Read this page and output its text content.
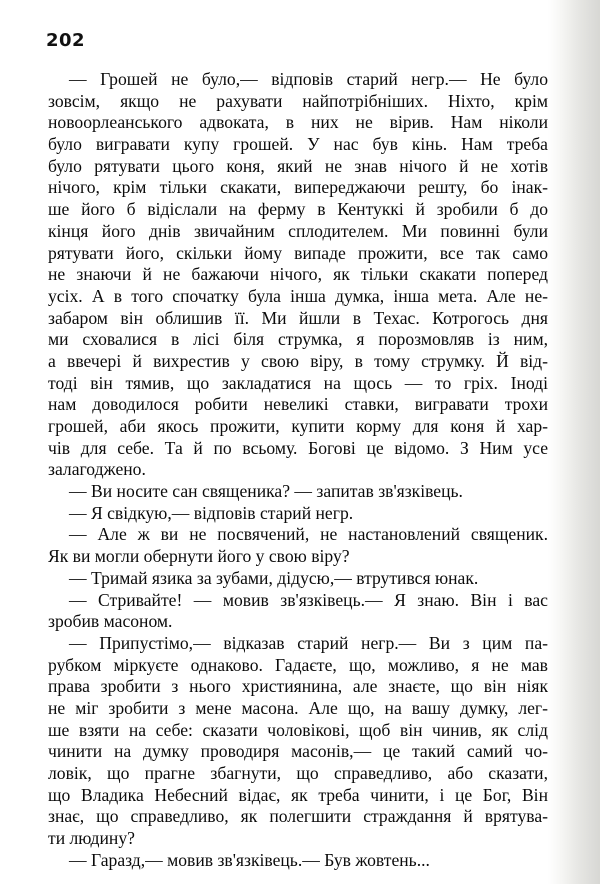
202
— Грошей не було,— відповів старий негр.— Не було
зовсім, якщо не рахувати найпотрібніших. Ніхто, крім
новоорлеанського адвоката, в них не вірив. Нам ніколи
було вигравати купу грошей. У нас був кінь. Нам треба
було рятувати цього коня, який не знав нічого й не хотів
нічого, крім тільки скакати, випереджаючи решту, бо інак-
ше його б відіслали на ферму в Кентуккі й зробили б до
кінця його днів звичайним сплодителем. Ми повинні були
рятувати його, скільки йому випаде прожити, все так само
не знаючи й не бажаючи нічого, як тільки скакати поперед
усіх. А в того спочатку була інша думка, інша мета. Але не-
забаром він облишив її. Ми йшли в Техас. Котрогось дня
ми сховалися в лісі біля струмка, я порозмовляв із ним,
а ввечері й вихрестив у свою віру, в тому струмку. Й від-
тоді він тямив, що закладатися на щось — то гріх. Іноді
нам доводилося робити невеликі ставки, вигравати трохи
грошей, аби якось прожити, купити корму для коня й хар-
чів для себе. Та й по всьому. Богові це відомо. З Ним усе
залагоджено.
— Ви носите сан священика? — запитав зв'язківець.
— Я свідкую,— відповів старий негр.
— Але ж ви не посвячений, не настановлений священик.
Як ви могли обернути його у свою віру?
— Тримай язика за зубами, дідусю,— втрутився юнак.
— Стривайте! — мовив зв'язківець.— Я знаю. Він і вас
зробив масоном.
— Припустімо,— відказав старий негр.— Ви з цим па-
рубком міркуєте однаково. Гадаєте, що, можливо, я не мав
права зробити з нього християнина, але знаєте, що він ніяк
не міг зробити з мене масона. Але що, на вашу думку, лег-
ше взяти на себе: сказати чоловікові, щоб він чинив, як слід
чинити на думку проводиря масонів,— це такий самий чо-
ловік, що прагне збагнути, що справедливо, або сказати,
що Владика Небесний відає, як треба чинити, і це Бог, Він
знає, що справедливо, як полегшити страждання й врятува-
ти людину?
— Гаразд,— мовив зв'язківець.— Був жовтень...
